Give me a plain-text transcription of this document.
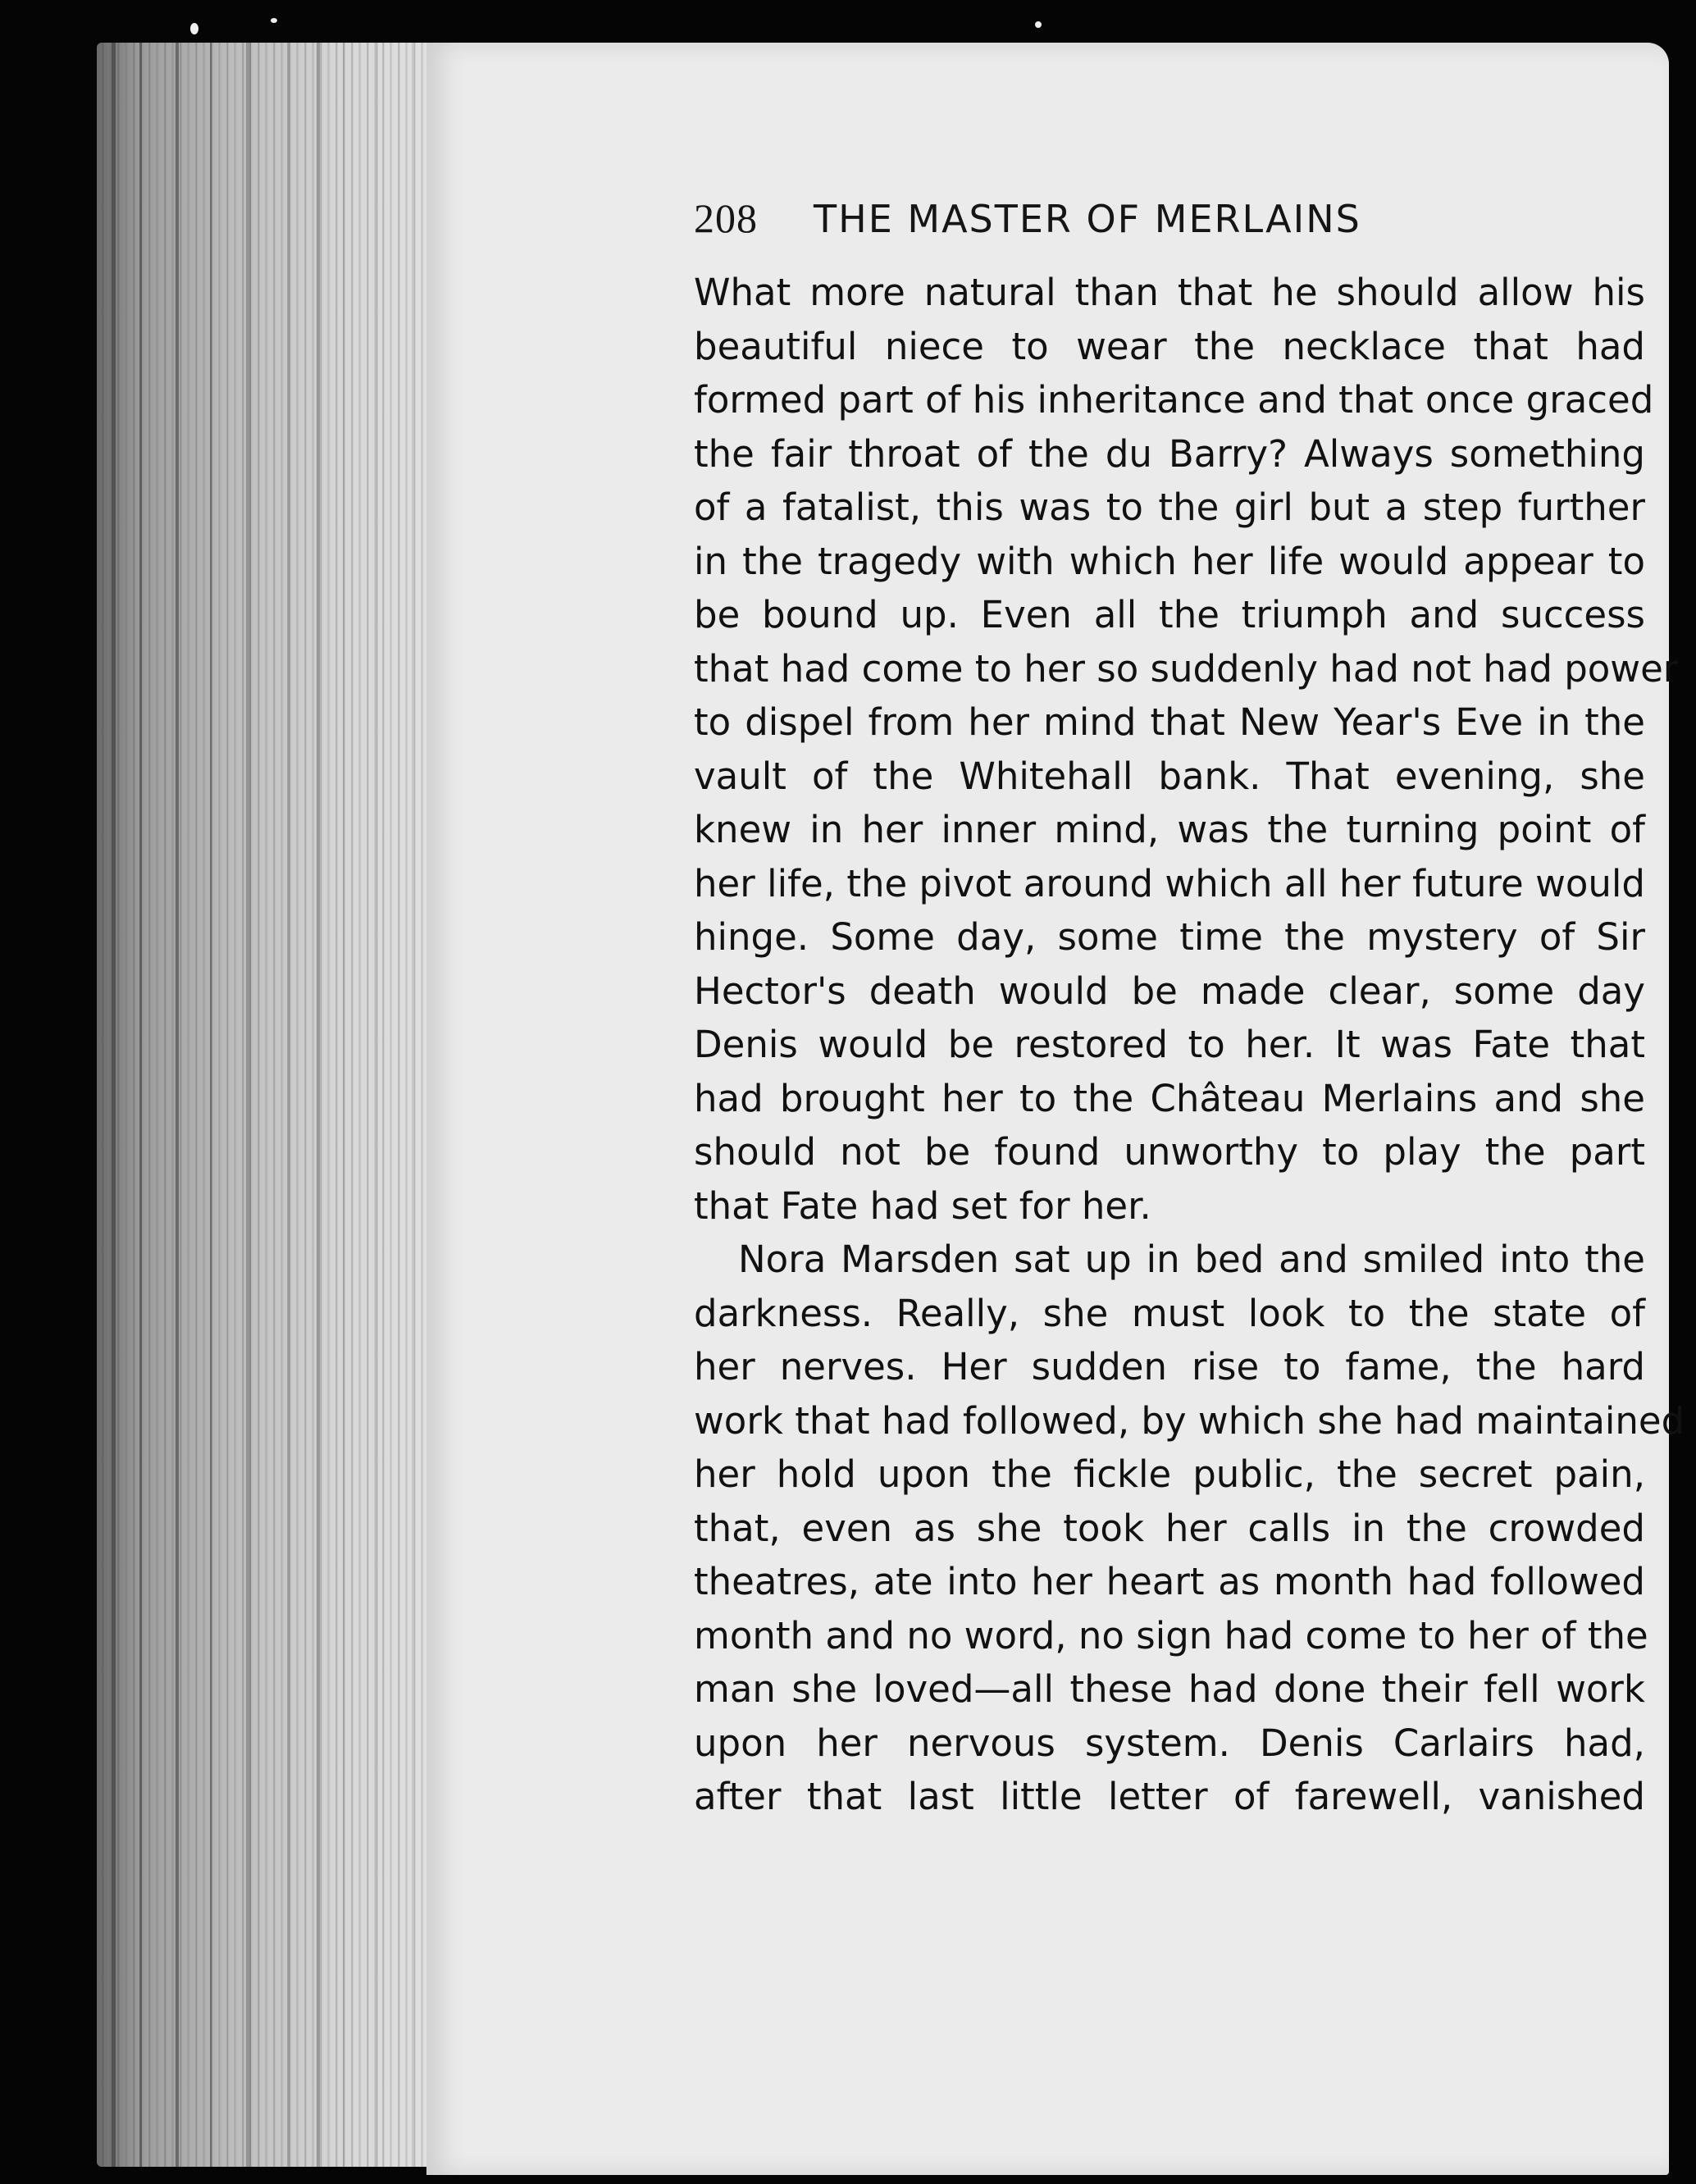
208 THE MASTER OF MERLAINS
What more natural than that he should allow his
beautiful niece to wear the necklace that had
formed part of his inheritance and that once graced
the fair throat of the du Barry? Always something
of a fatalist, this was to the girl but a step further
in the tragedy with which her life would appear to
be bound up. Even all the triumph and success
that had come to her so suddenly had not had power
to dispel from her mind that New Year's Eve in the
vault of the Whitehall bank. That evening, she
knew in her inner mind, was the turning point of
her life, the pivot around which all her future would
hinge. Some day, some time the mystery of Sir
Hector's death would be made clear, some day
Denis would be restored to her. It was Fate that
had brought her to the Château Merlains and she
should not be found unworthy to play the part
that Fate had set for her.
Nora Marsden sat up in bed and smiled into the
darkness. Really, she must look to the state of
her nerves. Her sudden rise to fame, the hard
work that had followed, by which she had maintained
her hold upon the fickle public, the secret pain,
that, even as she took her calls in the crowded
theatres, ate into her heart as month had followed
month and no word, no sign had come to her of the
man she loved—all these had done their fell work
upon her nervous system. Denis Carlairs had,
after that last little letter of farewell, vanished
